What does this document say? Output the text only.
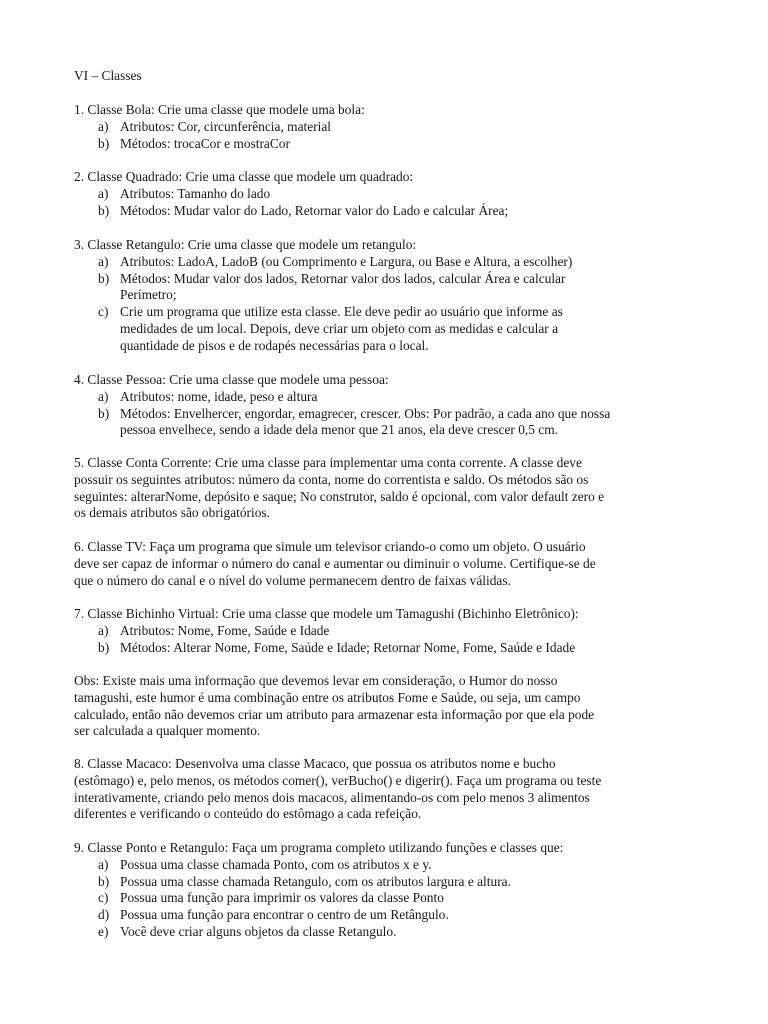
VI – Classes
1. Classe Bola: Crie uma classe que modele uma bola:
a) Atributos: Cor, circunferência, material
b) Métodos: trocaCor e mostraCor
2. Classe Quadrado: Crie uma classe que modele um quadrado:
a) Atributos: Tamanho do lado
b) Métodos: Mudar valor do Lado, Retornar valor do Lado e calcular Área;
3. Classe Retangulo: Crie uma classe que modele um retangulo:
a) Atributos: LadoA, LadoB (ou Comprimento e Largura, ou Base e Altura, a escolher)
b) Métodos: Mudar valor dos lados, Retornar valor dos lados, calcular Área e calcular
Perímetro;
c) Crie um programa que utilize esta classe. Ele deve pedir ao usuário que informe as
medidades de um local. Depois, deve criar um objeto com as medidas e calcular a
quantidade de pisos e de rodapés necessárias para o local.
4. Classe Pessoa: Crie uma classe que modele uma pessoa:
a) Atributos: nome, idade, peso e altura
b) Métodos: Envelhercer, engordar, emagrecer, crescer. Obs: Por padrão, a cada ano que nossa
pessoa envelhece, sendo a idade dela menor que 21 anos, ela deve crescer 0,5 cm.
5. Classe Conta Corrente: Crie uma classe para implementar uma conta corrente. A classe deve
possuir os seguintes atributos: número da conta, nome do correntista e saldo. Os métodos são os
seguintes: alterarNome, depósito e saque; No construtor, saldo é opcional, com valor default zero e
os demais atributos são obrigatórios.
6. Classe TV: Faça um programa que simule um televisor criando-o como um objeto. O usuário
deve ser capaz de informar o número do canal e aumentar ou diminuir o volume. Certifique-se de
que o número do canal e o nível do volume permanecem dentro de faixas válidas.
7. Classe Bichinho Virtual: Crie uma classe que modele um Tamagushi (Bichinho Eletrônico):
a) Atributos: Nome, Fome, Saúde e Idade
b) Métodos: Alterar Nome, Fome, Saúde e Idade; Retornar Nome, Fome, Saúde e Idade
Obs: Existe mais uma informação que devemos levar em consideração, o Humor do nosso
tamagushi, este humor é uma combinação entre os atributos Fome e Saúde, ou seja, um campo
calculado, então não devemos criar um atributo para armazenar esta informação por que ela pode
ser calculada a qualquer momento.
8. Classe Macaco: Desenvolva uma classe Macaco, que possua os atributos nome e bucho
(estômago) e, pelo menos, os métodos comer(), verBucho() e digerir(). Faça um programa ou teste
interativamente, criando pelo menos dois macacos, alimentando-os com pelo menos 3 alimentos
diferentes e verificando o conteúdo do estômago a cada refeição.
9. Classe Ponto e Retangulo: Faça um programa completo utilizando funções e classes que:
a) Possua uma classe chamada Ponto, com os atributos x e y.
b) Possua uma classe chamada Retangulo, com os atributos largura e altura.
c) Possua uma função para imprimir os valores da classe Ponto
d) Possua uma função para encontrar o centro de um Retângulo.
e) Você deve criar alguns objetos da classe Retangulo.
